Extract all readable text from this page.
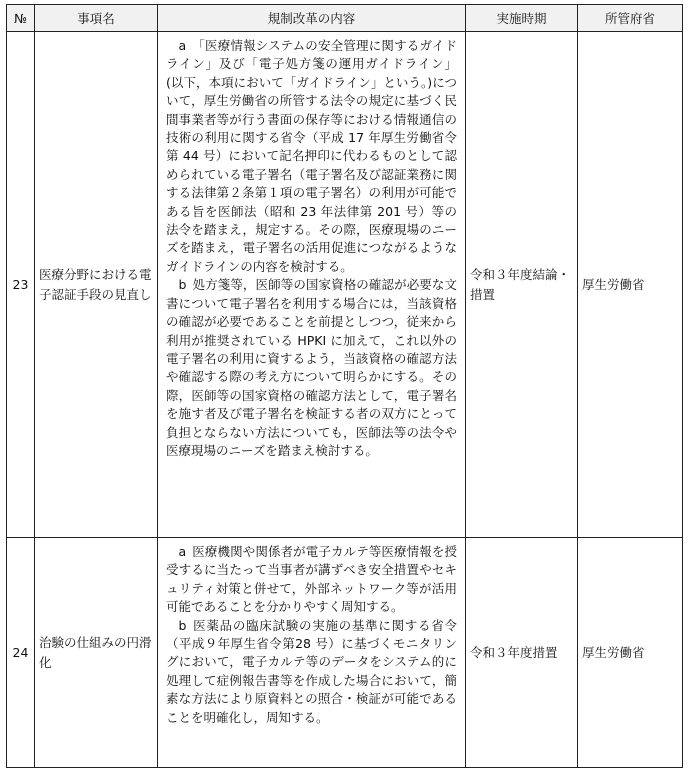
№	事項名	規制改革の内容	実施時期	所管府省
23	医療分野における電子認証手段の見直し	a 「医療情報システムの安全管理に関するガイドライン」及び「電子処方箋の運用ガイドライン」(以下，本項において「ガイドライン」という。)について，厚生労働省の所管する法令の規定に基づく民間事業者等が行う書面の保存等における情報通信の技術の利用に関する省令（平成 17 年厚生労働省令第 44 号）において記名押印に代わるものとして認められている電子署名（電子署名及び認証業務に関する法律第２条第１項の電子署名）の利用が可能である旨を医師法（昭和 23 年法律第 201 号）等の法令を踏まえ，規定する。その際，医療現場のニーズを踏まえ，電子署名の活用促進につながるようなガイドラインの内容を検討する。

b 処方箋等，医師等の国家資格の確認が必要な文書について電子署名を利用する場合には，当該資格の確認が必要であることを前提としつつ，従来から利用が推奨されている HPKI に加えて，これ以外の電子署名の利用に資するよう，当該資格の確認方法や確認する際の考え方について明らかにする。その際，医師等の国家資格の確認方法として，電子署名を施す者及び電子署名を検証する者の双方にとって負担とならない方法についても，医師法等の法令や医療現場のニーズを踏まえ検討する。	令和３年度結論・措置	厚生労働省
24	治験の仕組みの円滑化	a 医療機関や関係者が電子カルテ等医療情報を授受するに当たって当事者が講ずべき安全措置やセキュリティ対策と併せて，外部ネットワーク等が活用可能であることを分かりやすく周知する。

b 医薬品の臨床試験の実施の基準に関する省令（平成９年厚生省令第28 号）に基づくモニタリングにおいて，電子カルテ等のデータをシステム的に処理して症例報告書等を作成した場合において，簡素な方法により原資料との照合・検証が可能であることを明確化し，周知する。	令和３年度措置	厚生労働省
